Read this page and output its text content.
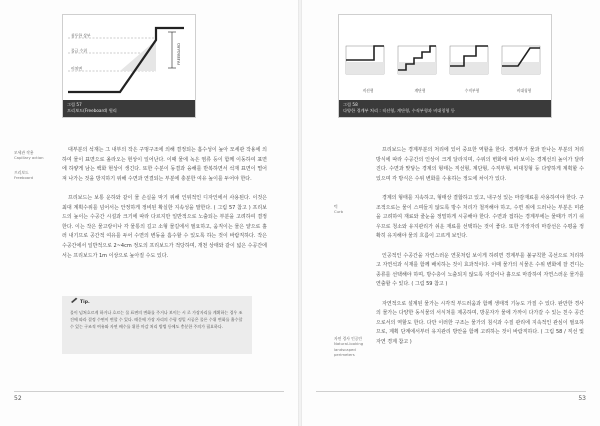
침투한 상부
물급 수위
이치면
FREEBOARD
그림 57
프리보드(Freeboard) 원리
모세관 작용
Capillary action
프리보드
Freeboard

대부분의 석재는 그 내부의 작은 구멍구조에 의해 결정되는 흡수성이 높아 모세관 작용에 의하여 물이 표면으로 올라오는 현상이 일어난다. 이때 물에 녹은 염류 등이 함께 이동하여 표면에 하얗게 남는 백화 현상이 생긴다. 또한 수분이 동결과 융해를 반복하면서 석재 표면이 떨어져 나가는 것을 방지하기 위해 수면과 연결되는 부분에 충분한 여유 높이를 두어야 한다.

프리보드는 보통 운하와 같이 물 손실을 막기 위해 인위적인 디자인에서 사용된다. 이것은 최대 계획수위를 넘어서는 안정하게 정비된 확실한 지속성을 말한다. ( 그림 57 참고 ) 프리보드의 높이는 수공간 시설과 크기에 따라 다르지만 일반적으로 노출되는 부분을 고려하여 결정한다. 이는 작은 물고랑이나 각 물통의 길고 소형 물길에서 필요하고, 움직이는 물은 얕으로 흘러 내기므로 공간적 여유를 두어 수면의 변동을 흡수할 수 있도록 하는 것이 바람직하다. 작은 수공간에서 일반적으로 2~4cm 정도의 프리보드가 적당하며, 개천 상태와 같이 넓은 수공간에서는 프리보드가 1m 이상으로 높아질 수도 있다.

Tip.
물이 넘쳐흐르게 하거나 흐르는 물 표면의 변화를 주거나 보이는 시 로 가장자리를 계획하는 경우 조건에 따라 결정 수면이 변할 수 있다. 때문에 가장 자리의 수평 정밀 시공은 물론 수위 변화를 흡수할 수 있는 구조적 여유와 자연 배수를 위한 마감 처리 방법 등에도 충분한 주의가 필요하다.
52
직선형	계단형	수직부형	비대칭형
그림 58
다양한 경계부 처리 : 직선형, 계단형, 수직부형과 비대칭형 등
턱
Curb
자연 경사 인공안
Natural-looking landscaped perimeters

프리보드는 경계부분의 처리에 있어 중요한 역할을 한다. 경계부가 물과 만나는 부분의 처리 방식에 따라 수공간의 인상이 크게 달라지며, 수위의 변화에 따라 보이는 경계선의 높이가 달라진다. 수면과 맞닿는 경계의 형태는 직선형, 계단형, 수직부형, 비대칭형 등 다양하게 계획할 수 있으며 각 방식은 수위 변화를 수용하는 정도에 차이가 있다.

경계의 형태를 지속하고, 형태상 결합하고 있고, 내구성 있는 마감재료를 사용하여야 한다. 구조적으로는 물이 스며들지 않도록 방수 처리가 철저해야 하고, 수면 위에 드러나는 부분은 미관을 고려하여 재료와 줄눈을 정밀하게 시공해야 한다. 수면과 접하는 경계부에는 물때가 끼기 쉬우므로 청소와 유지관리가 쉬운 재료를 선택하는 것이 좋다. 또한 가장자리 마감선은 수평을 정확히 유지해야 물의 흐름이 고르게 보인다.

인공적인 수공간을 자연스러운 연못처럼 보이게 하려면 경계부를 불규칙한 곡선으로 처리하고 자연석과 식재를 함께 배치하는 것이 효과적이다. 이때 물가의 식물은 수위 변화에 잘 견디는 종류를 선택해야 하며, 방수층이 노출되지 않도록 자갈이나 흙으로 마감하여 자연스러운 물가를 연출할 수 있다. ( 그림 59 참고 )

자연적으로 설계된 물가는 시각적 부드러움과 함께 생태적 기능도 가질 수 있다. 완만한 경사의 물가는 다양한 동식물의 서식처를 제공하며, 방문자가 물에 가까이 다가갈 수 있는 친수 공간으로서의 역할도 한다. 다만 이러한 구조는 물가의 침식과 수질 관리에 지속적인 관심이 필요하므로, 계획 단계에서부터 유지관리 방안을 함께 고려하는 것이 바람직하다. ( 그림 58 / 직선 및 자연 경계 참고 )

53
